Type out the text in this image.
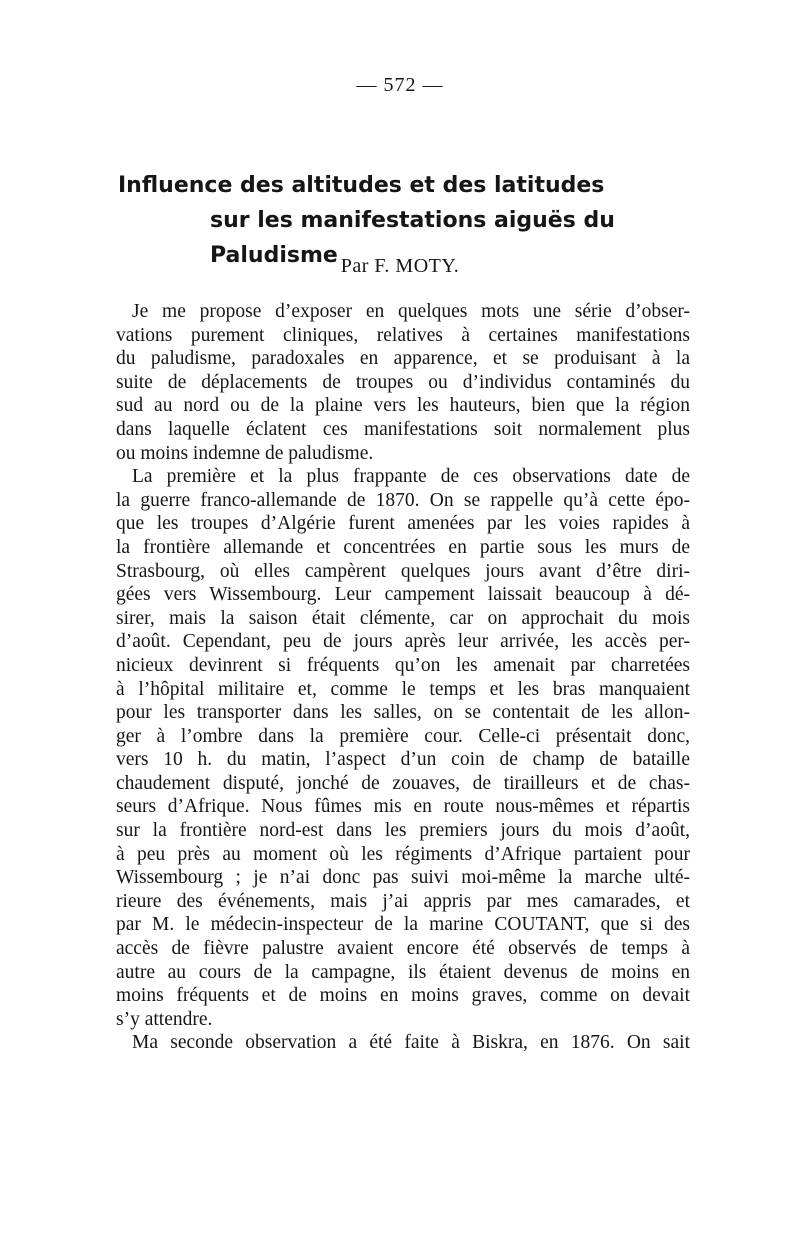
— 572 —
Influence des altitudes et des latitudes
sur les manifestations aiguës du Paludisme Par F. MOTY.
Je me propose d’exposer en quelques mots une série d’obser-
vations purement cliniques, relatives à certaines manifestations
du paludisme, paradoxales en apparence, et se produisant à la
suite de déplacements de troupes ou d’individus contaminés du
sud au nord ou de la plaine vers les hauteurs, bien que la région
dans laquelle éclatent ces manifestations soit normalement plus
ou moins indemne de paludisme.
La première et la plus frappante de ces observations date de
la guerre franco-allemande de 1870. On se rappelle qu’à cette épo-
que les troupes d’Algérie furent amenées par les voies rapides à
la frontière allemande et concentrées en partie sous les murs de
Strasbourg, où elles campèrent quelques jours avant d’être diri-
gées vers Wissembourg. Leur campement laissait beaucoup à dé-
sirer, mais la saison était clémente, car on approchait du mois
d’août. Cependant, peu de jours après leur arrivée, les accès per-
nicieux devinrent si fréquents qu’on les amenait par charretées
à l’hôpital militaire et, comme le temps et les bras manquaient
pour les transporter dans les salles, on se contentait de les allon-
ger à l’ombre dans la première cour. Celle-ci présentait donc,
vers 10 h. du matin, l’aspect d’un coin de champ de bataille
chaudement disputé, jonché de zouaves, de tirailleurs et de chas-
seurs d’Afrique. Nous fûmes mis en route nous-mêmes et répartis
sur la frontière nord-est dans les premiers jours du mois d’août,
à peu près au moment où les régiments d’Afrique partaient pour
Wissembourg ; je n’ai donc pas suivi moi-même la marche ulté-
rieure des événements, mais j’ai appris par mes camarades, et
par M. le médecin-inspecteur de la marine COUTANT, que si des
accès de fièvre palustre avaient encore été observés de temps à
autre au cours de la campagne, ils étaient devenus de moins en
moins fréquents et de moins en moins graves, comme on devait
s’y attendre.
Ma seconde observation a été faite à Biskra, en 1876. On sait
